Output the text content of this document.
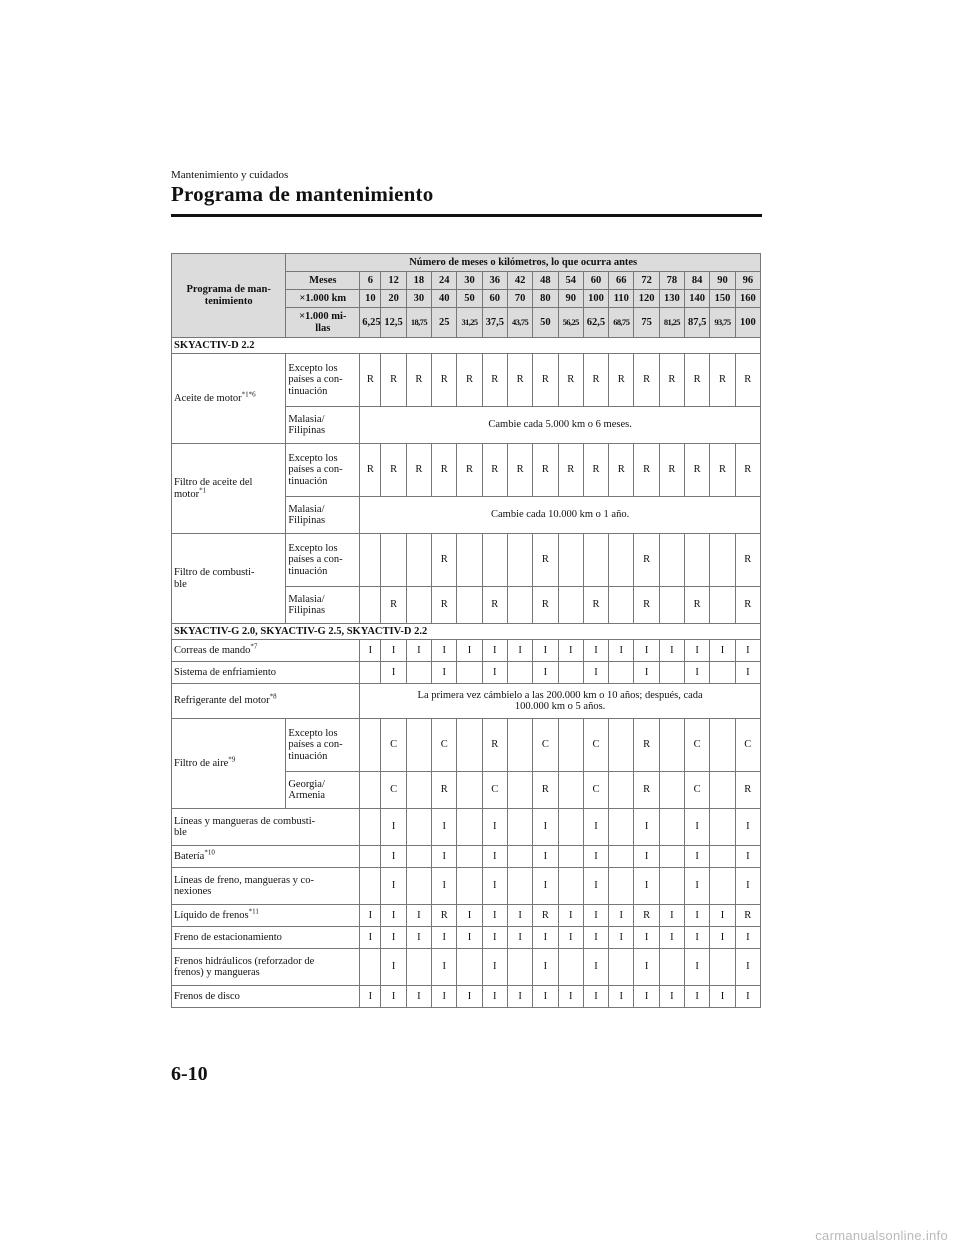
Mantenimiento y cuidados
Programa de mantenimiento
Programa de man-
tenimiento	Número de meses o kilómetros, lo que ocurra antes																
	Meses	6	12	18	24	30	36	42	48	54	60	66	72	78	84	90	96
	×1.000 km	10	20	30	40	50	60	70	80	90	100	110	120	130	140	150	160
	×1.000 mi-
llas	6,25	12,5	18,75	25	31,25	37,5	43,75	50	56,25	62,5	68,75	75	81,25	87,5	93,75	100
SKYACTIV-D 2.2																	
Aceite de motor$^{*1*6}$	Excepto los
países a con-
tinuación	R	R	R	R	R	R	R	R	R	R	R	R	R	R	R	R
	Malasia/
Filipinas	Cambie cada 5.000 km o 6 meses.															
Filtro de aceite del
motor$^{*1}$	Excepto los
países a con-
tinuación	R	R	R	R	R	R	R	R	R	R	R	R	R	R	R	R
	Malasia/
Filipinas	Cambie cada 10.000 km o 1 año.															
Filtro de combusti-
ble	Excepto los
países a con-
tinuación				R				R				R				R
	Malasia/
Filipinas		R		R		R		R		R		R		R		R
SKYACTIV-G 2.0, SKYACTIV-G 2.5, SKYACTIV-D 2.2																	
Correas de mando$^{*7}$		I	I	I	I	I	I	I	I	I	I	I	I	I	I	I	I
Sistema de enfriamiento			I		I		I		I		I		I		I		I
Refrigerante del motor$^{*8}$		La primera vez cámbielo a las 200.000 km o 10 años; después, cada
100.000 km o 5 años.															
Filtro de aire$^{*9}$	Excepto los
países a con-
tinuación		C		C		R		C		C		R		C		C
	Georgia/
Armenia		C		R		C		R		C		R		C		R
Líneas y mangueras de combusti-
ble			I		I		I		I		I		I		I		I
Batería$^{*10}$			I		I		I		I		I		I		I		I
Líneas de freno, mangueras y co-
nexiones			I		I		I		I		I		I		I		I
Líquido de frenos$^{*11}$		I	I	I	R	I	I	I	R	I	I	I	R	I	I	I	R
Freno de estacionamiento		I	I	I	I	I	I	I	I	I	I	I	I	I	I	I	I
Frenos hidráulicos (reforzador de
frenos) y mangueras			I		I		I		I		I		I		I		I
Frenos de disco		I	I	I	I	I	I	I	I	I	I	I	I	I	I	I	I
6-10
carmanualsonline.info
